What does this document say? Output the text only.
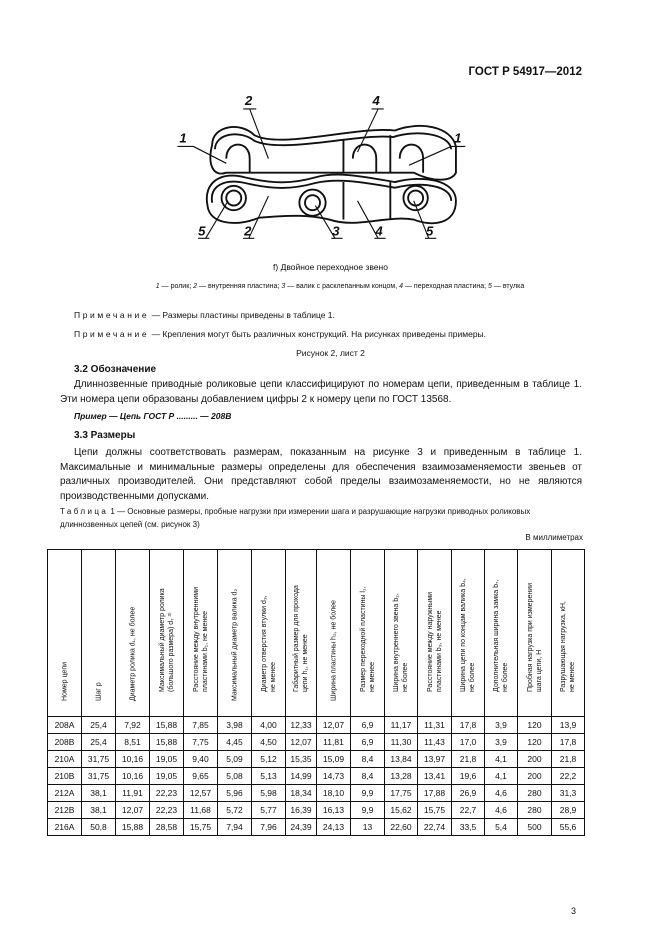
ГОСТ Р 54917—2012
1
2	4
1
5	2	3	4	5
f) Двойное переходное звено
1 — ролик; 2 — внутренняя пластина; 3 — валик с расклепанным концом, 4 — переходная пластина; 5 — втулка
Примечание — Размеры пластины приведены в таблице 1.
Примечание — Крепления могут быть различных конструкций. На рисунках приведены примеры.
Рисунок 2, лист 2
3.2 Обозначение
Длиннозвенные приводные роликовые цепи классифицируют по номерам цепи, приведенным в таблице 1. Эти номера цепи образованы добавлением цифры 2 к номеру цепи по ГОСТ 13568.
Пример — Цепь ГОСТ Р ......... — 208B
3.3 Размеры
Цепи должны соответствовать размерам, показанным на рисунке 3 и приведенным в таблице 1. Максимальные и минимальные размеры определены для обеспечения взаимозаменяемости звеньев от различных производителей. Они представляют собой пределы взаимозаменяемости, но не являются производственными допусками.
Таблица 1 — Основные размеры, пробные нагрузки при измерении шага и разрушающие нагрузки приводных роликовых длиннозвенных цепей (см. рисунок 3)
В миллиметрах
Номер цепи	Шаг p	Диаметр ролика d₁, не более	Максимальный диаметр ролика (большого размера) d₇ ³⁾	Расстояние между внутренними пластинами b₁, не менее	Максимальный диаметр валика d₂	Диаметр отверстия втулки d₃, не менее	Габаритный размер для прохода цепи h₁, не менее	Ширина пластины h₂, не более	Размер переходной пластины l₁, не менее	Ширина внутреннего звена b₂, не более	Расстояние между наружными пластинами b₃, не менее	Ширина цепи по концам валика b₄, не более	Дополнительная ширина замка b₇, не более	Пробная нагрузка при измерении шага цепи, Н	Разрушающая нагрузка, кН, не менее

208A	25,4	7,92	15,88	7,85	3,98	4,00	12,33	12,07	6,9	11,17	11,31	17,8	3,9	120	13,9
208B	25,4	8,51	15,88	7,75	4,45	4,50	12,07	11,81	6,9	11,30	11,43	17,0	3,9	120	17,8
210A	31,75	10,16	19,05	9,40	5,09	5,12	15,35	15,09	8,4	13,84	13,97	21,8	4,1	200	21,8
210B	31,75	10,16	19,05	9,65	5,08	5,13	14,99	14,73	8,4	13,28	13,41	19,6	4,1	200	22,2
212A	38,1	11,91	22,23	12,57	5,96	5,98	18,34	18,10	9,9	17,75	17,88	26,9	4,6	280	31,3
212B	38,1	12,07	22,23	11,68	5,72	5,77	16,39	16,13	9,9	15,62	15,75	22,7	4,6	280	28,9
216A	50,8	15,88	28,58	15,75	7,94	7,96	24,39	24,13	13	22,60	22,74	33,5	5,4	500	55,6
3
